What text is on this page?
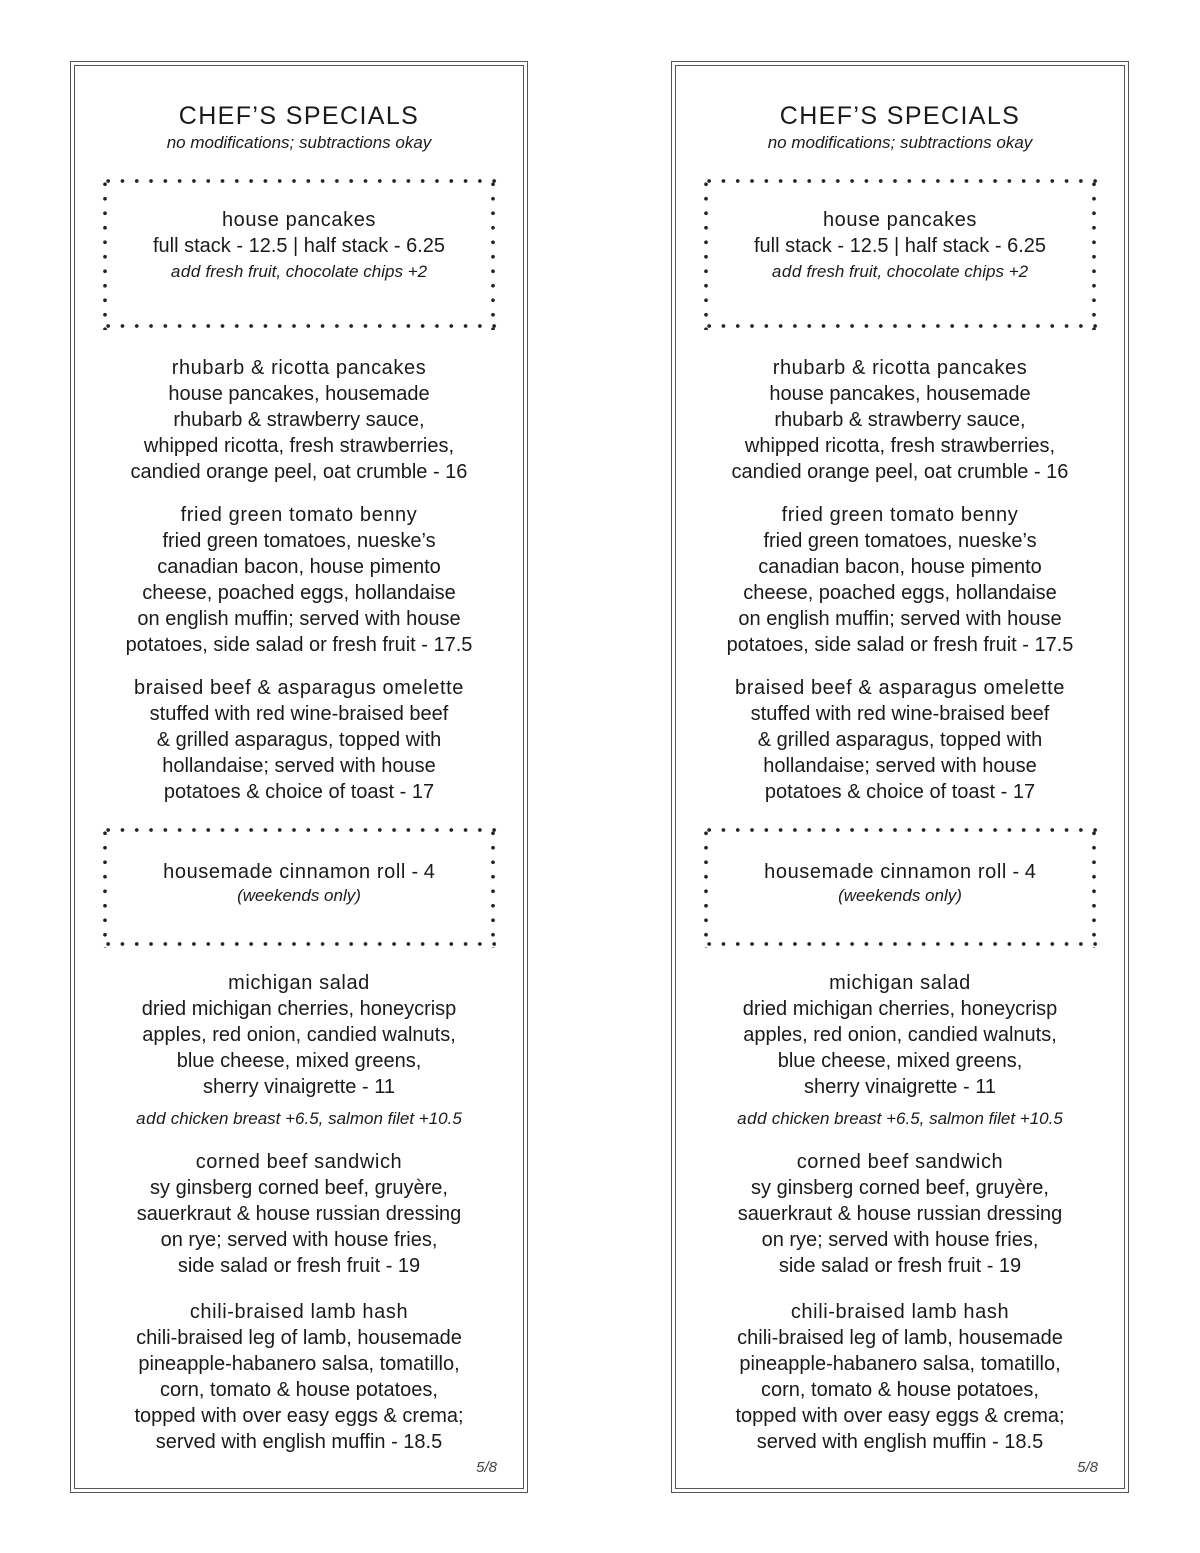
CHEF’S SPECIALS
no modifications; subtractions okay
house pancakes
full stack - 12.5 | half stack - 6.25
add fresh fruit, chocolate chips +2
rhubarb & ricotta pancakes
house pancakes, housemade
rhubarb & strawberry sauce,
whipped ricotta, fresh strawberries,
candied orange peel, oat crumble - 16
fried green tomato benny
fried green tomatoes, nueske’s
canadian bacon, house pimento
cheese, poached eggs, hollandaise
on english muffin; served with house
potatoes, side salad or fresh fruit - 17.5
braised beef & asparagus omelette
stuffed with red wine-braised beef
& grilled asparagus, topped with
hollandaise; served with house
potatoes & choice of toast - 17
housemade cinnamon roll - 4
(weekends only)
michigan salad
dried michigan cherries, honeycrisp
apples, red onion, candied walnuts,
blue cheese, mixed greens,
sherry vinaigrette - 11
add chicken breast +6.5, salmon filet +10.5
corned beef sandwich
sy ginsberg corned beef, gruyère,
sauerkraut & house russian dressing
on rye; served with house fries,
side salad or fresh fruit - 19
chili-braised lamb hash
chili-braised leg of lamb, housemade
pineapple-habanero salsa, tomatillo,
corn, tomato & house potatoes,
topped with over easy eggs & crema;
served with english muffin - 18.5
5/8
CHEF’S SPECIALS
no modifications; subtractions okay
house pancakes
full stack - 12.5 | half stack - 6.25
add fresh fruit, chocolate chips +2
rhubarb & ricotta pancakes
house pancakes, housemade
rhubarb & strawberry sauce,
whipped ricotta, fresh strawberries,
candied orange peel, oat crumble - 16
fried green tomato benny
fried green tomatoes, nueske’s
canadian bacon, house pimento
cheese, poached eggs, hollandaise
on english muffin; served with house
potatoes, side salad or fresh fruit - 17.5
braised beef & asparagus omelette
stuffed with red wine-braised beef
& grilled asparagus, topped with
hollandaise; served with house
potatoes & choice of toast - 17
housemade cinnamon roll - 4
(weekends only)
michigan salad
dried michigan cherries, honeycrisp
apples, red onion, candied walnuts,
blue cheese, mixed greens,
sherry vinaigrette - 11
add chicken breast +6.5, salmon filet +10.5
corned beef sandwich
sy ginsberg corned beef, gruyère,
sauerkraut & house russian dressing
on rye; served with house fries,
side salad or fresh fruit - 19
chili-braised lamb hash
chili-braised leg of lamb, housemade
pineapple-habanero salsa, tomatillo,
corn, tomato & house potatoes,
topped with over easy eggs & crema;
served with english muffin - 18.5
5/8
